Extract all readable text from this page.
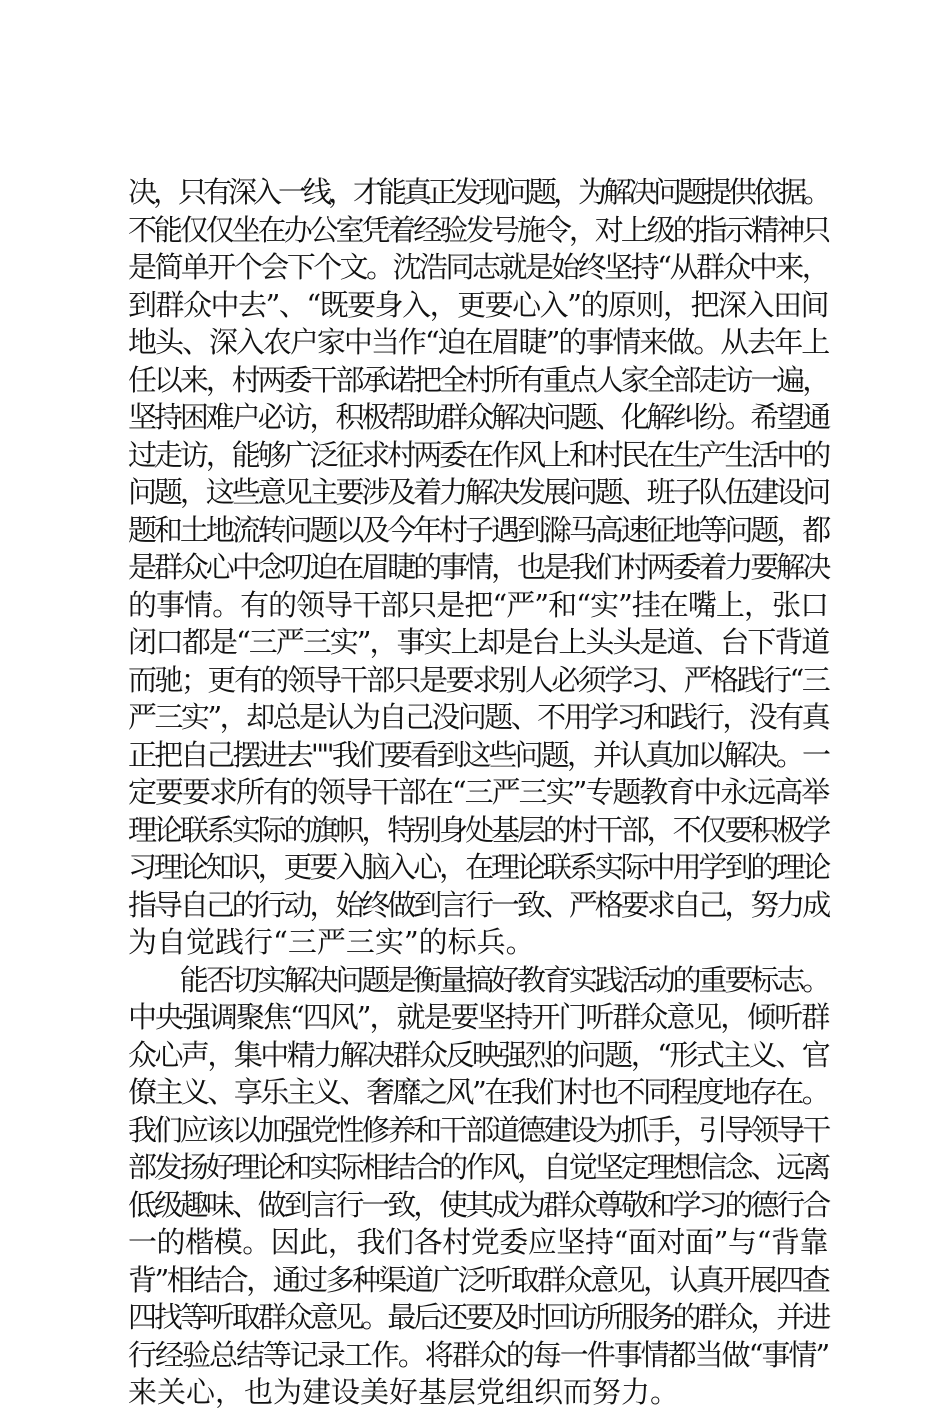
决，只有深入一线，才能真正发现问题，为解决问题提供依据。
不能仅仅坐在办公室凭着经验发号施令，对上级的指示精神只
是简单开个会下个文。沈浩同志就是始终坚持“从群众中来，
到群众中去”、“既要身入，更要心入”的原则，把深入田间
地头、深入农户家中当作“迫在眉睫”的事情来做。从去年上
任以来，村两委干部承诺把全村所有重点人家全部走访一遍，
坚持困难户必访，积极帮助群众解决问题、化解纠纷。希望通
过走访，能够广泛征求村两委在作风上和村民在生产生活中的
问题，这些意见主要涉及着力解决发展问题、班子队伍建设问
题和土地流转问题以及今年村子遇到滁马高速征地等问题，都
是群众心中念叨迫在眉睫的事情，也是我们村两委着力要解决
的事情。有的领导干部只是把“严”和“实”挂在嘴上，张口
闭口都是“三严三实”，事实上却是台上头头是道、台下背道
而驰；更有的领导干部只是要求别人必须学习、严格践行“三
严三实”，却总是认为自己没问题、不用学习和践行，没有真
正把自己摆进去""我们要看到这些问题，并认真加以解决。一
定要要求所有的领导干部在“三严三实”专题教育中永远高举
理论联系实际的旗帜，特别身处基层的村干部，不仅要积极学
习理论知识，更要入脑入心，在理论联系实际中用学到的理论
指导自己的行动，始终做到言行一致、严格要求自己，努力成
为自觉践行“三严三实”的标兵。
　　能否切实解决问题是衡量搞好教育实践活动的重要标志。
中央强调聚焦“四风”，就是要坚持开门听群众意见，倾听群
众心声，集中精力解决群众反映强烈的问题，“形式主义、官
僚主义、享乐主义、奢靡之风”在我们村也不同程度地存在。
我们应该以加强党性修养和干部道德建设为抓手，引导领导干
部发扬好理论和实际相结合的作风，自觉坚定理想信念、远离
低级趣味、做到言行一致，使其成为群众尊敬和学习的德行合
一的楷模。因此，我们各村党委应坚持“面对面”与“背靠
背”相结合，通过多种渠道广泛听取群众意见，认真开展四查
四找等听取群众意见。最后还要及时回访所服务的群众，并进
行经验总结等记录工作。将群众的每一件事情都当做“事情”
来关心，也为建设美好基层党组织而努力。
